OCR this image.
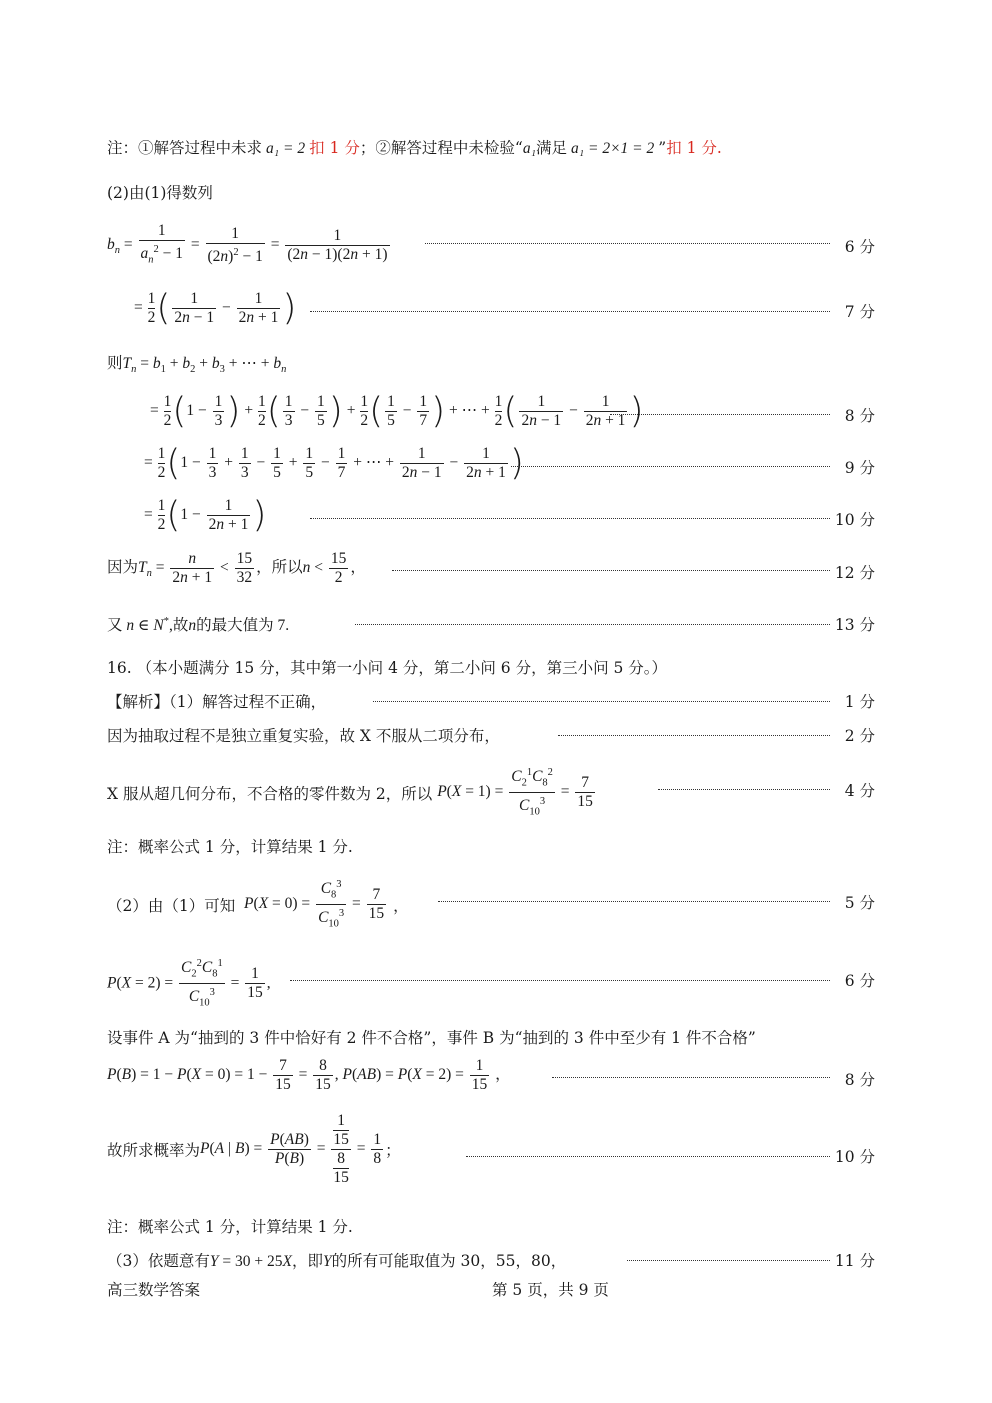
注：①解答过程中未求 a₁ = 2 扣 1 分；②解答过程中未检验“a₁满足 a₁ = 2×1 = 2 ”扣 1 分.
(2)由(1)得数列
$b_n = \frac{1}{a_n^2 - 1} = \frac{1}{(2n)^2 - 1} = \frac{1}{(2n - 1)(2n + 1)}$	6 分
= $\frac{1}{2}$ ( $\frac{1}{2n - 1} - \frac{1}{2n + 1}$ )	7 分
则$T_n = b_1 + b_2 + b_3$ + ⋯ + $b_n$
= $\frac{1}{2} (1 - \frac{1}{3}$ ) + $\frac{1}{2}$ ( $\frac{1}{3} - \frac{1}{5}$ ) + $\frac{1}{2}$ ( $\frac{1}{5} - \frac{1}{7}$ ) + ⋯ + $\frac{1}{2}$ ( $\frac{1}{2n - 1} - \frac{1}{2n + 1}$ )	8 分
= $\frac{1}{2} (1 - \frac{1}{3} + \frac{1}{3} - \frac{1}{5} + \frac{1}{5} - \frac{1}{7}$ + ⋯ + $\frac{1}{2n - 1} - \frac{1}{2n + 1}$ )	9 分
= $\frac{1}{2} (1 - \frac{1}{2n + 1}$ )	10 分
因为$T_n = \frac{n}{2n + 1} < \frac{15}{32}$ ，所以$n < \frac{15}{2}$ ，	12 分
又 n ∈ N*,故n的最大值为 7.	13 分
16. （本小题满分 15 分，其中第一小问 4 分，第二小问 6 分，第三小问 5 分。）
【解析】（1）解答过程不正确，	1 分
因为抽取过程不是独立重复实验，故 X 不服从二项分布，	2 分
X 服从超几何分布，不合格的零件数为 2，所以 $P(X = 1) = \frac{C_2^1C_8^2}{C_{10}^3} = \frac{7}{15}$	4 分
注：概率公式 1 分，计算结果 1 分.
（2）由（1）可知 $P(X = 0) = \frac{C_8^3}{C_{10}^3} = \frac{7}{15}$ ，	5 分
$P(X = 2) = \frac{C_2^2C_8^1}{C_{10}^3} = \frac{1}{15}$ ,	6 分
设事件 A 为“抽到的 3 件中恰好有 2 件不合格”，事件 B 为“抽到的 3 件中至少有 1 件不合格”
$P(B) = 1 - P(X = 0) = 1 - \frac{7}{15} = \frac{8}{15}$ , $P(AB) = P(X = 2) = \frac{1}{15}$ ，	8 分
故所求概率为P(A | $B) = \frac{P(AB)}{P(B)} = \frac{\frac{1}{15}}{\frac{8}{15}} = \frac{1}{8}$ ；	10 分
注：概率公式 1 分，计算结果 1 分.
（3）依题意有Y = 30 + 25X，即Y的所有可能取值为 30，55，80，	11 分
高三数学答案	第 5 页，共 9 页
